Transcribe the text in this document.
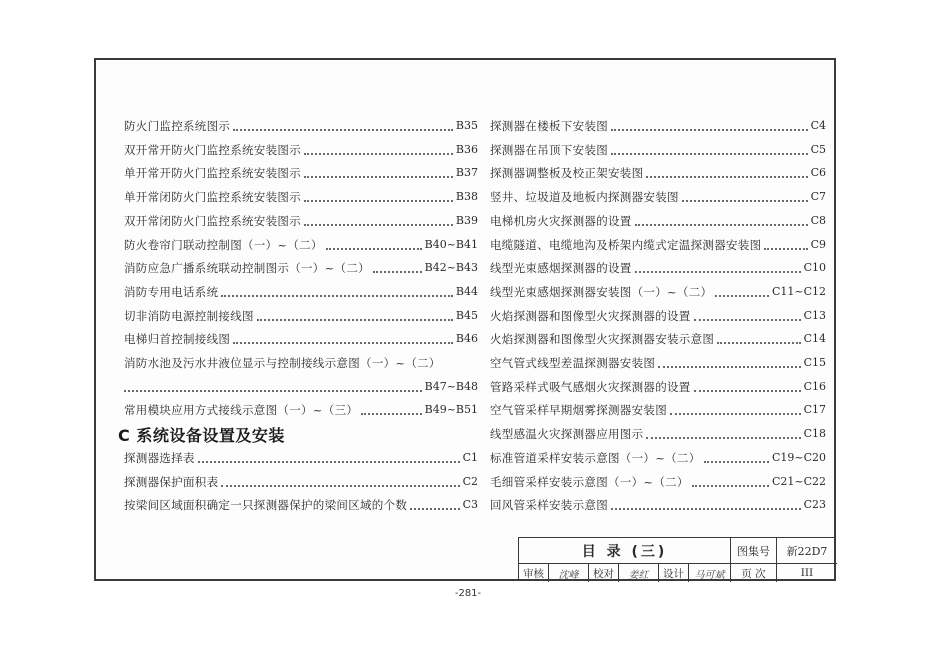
防火门监控系统图示	B35
双开常开防火门监控系统安装图示	B36
单开常开防火门监控系统安装图示	B37
单开常闭防火门监控系统安装图示	B38
双开常闭防火门监控系统安装图示	B39
防火卷帘门联动控制图（一）~（二）	B40~B41
消防应急广播系统联动控制图示（一）~（二）	B42~B43
消防专用电话系统	B44
切非消防电源控制接线图	B45
电梯归首控制接线图	B46
消防水池及污水井液位显示与控制接线示意图（一）~（二）
B47~B48
常用模块应用方式接线示意图（一）~（三）	B49~B51
探测器选择表	C1
探测器保护面积表	C2
按梁间区域面积确定一只探测器保护的梁间区域的个数	C3
C 系统设备设置及安装
探测器在楼板下安装图	C4
探测器在吊顶下安装图	C5
探测器调整板及校正架安装图	C6
竖井、垃圾道及地板内探测器安装图	C7
电梯机房火灾探测器的设置	C8
电缆隧道、电缆地沟及桥架内缆式定温探测器安装图	C9
线型光束感烟探测器的设置	C10
线型光束感烟探测器安装图（一）~（二）	C11~C12
火焰探测器和图像型火灾探测器的设置	C13
火焰探测器和图像型火灾探测器安装示意图	C14
空气管式线型差温探测器安装图	C15
管路采样式吸气感烟火灾探测器的设置	C16
空气管采样早期烟雾探测器安装图	C17
线型感温火灾探测器应用图示	C18
标准管道采样安装示意图（一）~（二）	C19~C20
毛细管采样安装示意图（一）~（二）	C21~C22
回风管采样安装示意图	C23
目 录 (三)	图集号	新22D7
审核	沈峰	校对	姜红	设计	马可斌	页 次	III
-281-
